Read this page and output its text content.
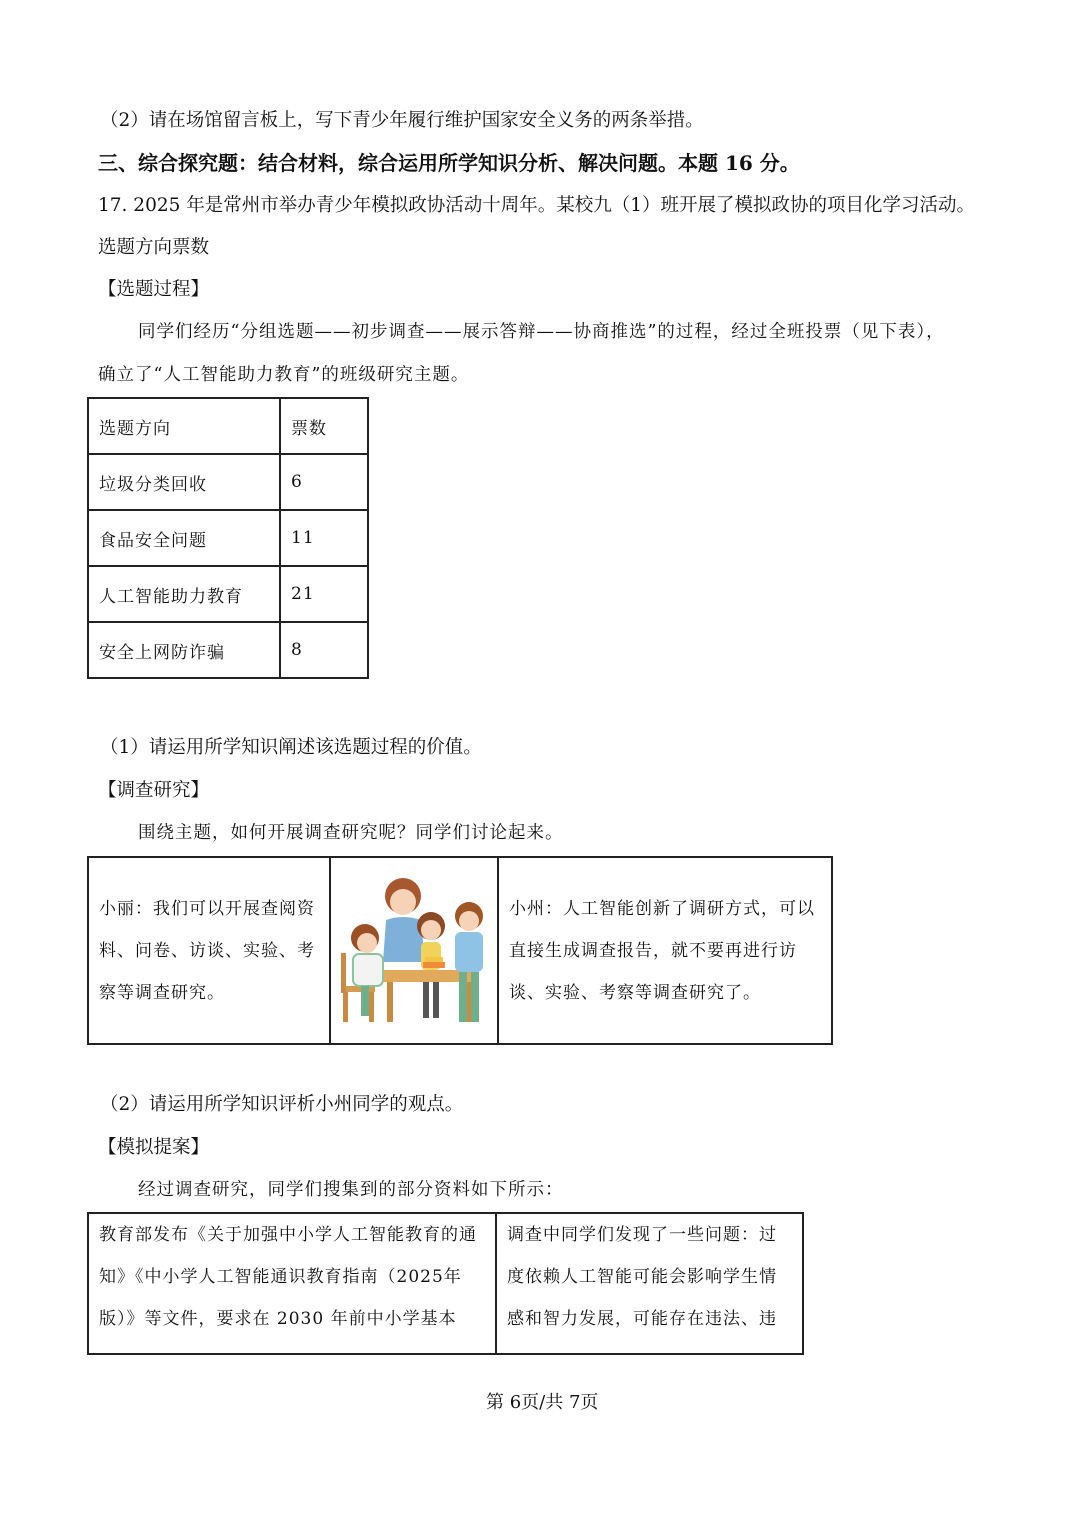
（2）请在场馆留言板上，写下青少年履行维护国家安全义务的两条举措。
三、综合探究题：结合材料，综合运用所学知识分析、解决问题。本题 16 分。
17. 2025 年是常州市举办青少年模拟政协活动十周年。某校九（1）班开展了模拟政协的项目化学习活动。
选题方向票数
【选题过程】
同学们经历“分组选题——初步调查——展示答辩——协商推选”的过程，经过全班投票（见下表），
确立了“人工智能助力教育”的班级研究主题。
选题方向	票数
垃圾分类回收	6
食品安全问题	11
人工智能助力教育	21
安全上网防诈骗	8
（1）请运用所学知识阐述该选题过程的价值。
【调查研究】
围绕主题，如何开展调查研究呢？同学们讨论起来。
小丽：我们可以开展查阅资料、问卷、访谈、实验、考察等调查研究。

小州：人工智能创新了调研方式，可以直接生成调查报告，就不要再进行访谈、实验、考察等调查研究了。
（2）请运用所学知识评析小州同学的观点。
【模拟提案】
经过调查研究，同学们搜集到的部分资料如下所示：
教育部发布《关于加强中小学人工智能教育的通知》《中小学人工智能通识教育指南（2025年版）》等文件，要求在 2030 年前中小学基本

调查中同学们发现了一些问题：过度依赖人工智能可能会影响学生情感和智力发展，可能存在违法、违
第 6页/共 7页
